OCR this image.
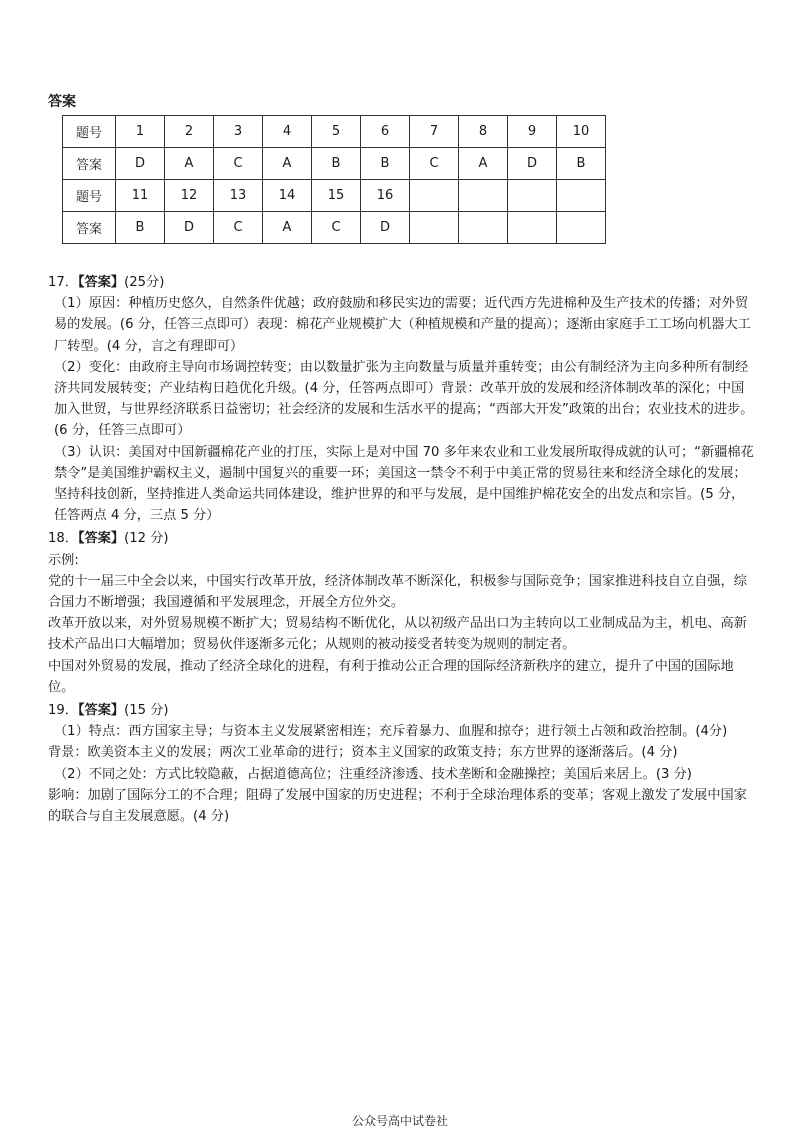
答案
题号	1	2	3	4	5	6	7	8	9	10
答案	D	A	C	A	B	B	C	A	D	B
题号	11	12	13	14	15	16				
答案	B	D	C	A	C	D				

17．【答案】(25分)

（1）原因：种植历史悠久，自然条件优越；政府鼓励和移民实边的需要；近代西方先进棉种及生产技术的传播；对外贸易的发展。(6 分，任答三点即可）表现：棉花产业规模扩大（种植规模和产量的提高）；逐渐由家庭手工工场向机器大工厂转型。(4 分，言之有理即可）

（2）变化：由政府主导向市场调控转变；由以数量扩张为主向数量与质量并重转变；由公有制经济为主向多种所有制经济共同发展转变；产业结构日趋优化升级。(4 分，任答两点即可）背景：改革开放的发展和经济体制改革的深化；中国加入世贸，与世界经济联系日益密切；社会经济的发展和生活水平的提高；“西部大开发”政策的出台；农业技术的进步。(6 分，任答三点即可）

（3）认识：美国对中国新疆棉花产业的打压，实际上是对中国 70 多年来农业和工业发展所取得成就的认可；“新疆棉花禁令”是美国维护霸权主义，遏制中国复兴的重要一环；美国这一禁令不利于中美正常的贸易往来和经济全球化的发展；坚持科技创新，坚持推进人类命运共同体建设，维护世界的和平与发展，是中国维护棉花安全的出发点和宗旨。(5 分，任答两点 4 分，三点 5 分）

18．【答案】(12 分)

示例:

党的十一届三中全会以来，中国实行改革开放，经济体制改革不断深化，积极参与国际竞争；国家推进科技自立自强，综合国力不断增强；我国遵循和平发展理念，开展全方位外交。

改革开放以来，对外贸易规模不断扩大；贸易结构不断优化，从以初级产品出口为主转向以工业制成品为主，机电、高新技术产品出口大幅增加；贸易伙伴逐渐多元化；从规则的被动接受者转变为规则的制定者。

中国对外贸易的发展，推动了经济全球化的进程，有利于推动公正合理的国际经济新秩序的建立，提升了中国的国际地位。

19．【答案】(15 分)

（1）特点：西方国家主导；与资本主义发展紧密相连；充斥着暴力、血腥和掠夺；进行领土占领和政治控制。(4分)

背景：欧美资本主义的发展；两次工业革命的进行；资本主义国家的政策支持；东方世界的逐渐落后。(4 分)

（2）不同之处：方式比较隐蔽，占据道德高位；注重经济渗透、技术垄断和金融操控；美国后来居上。(3 分)

影响：加剧了国际分工的不合理；阻碍了发展中国家的历史进程；不利于全球治理体系的变革；客观上激发了发展中国家的联合与自主发展意愿。(4 分)

公众号高中试卷社
